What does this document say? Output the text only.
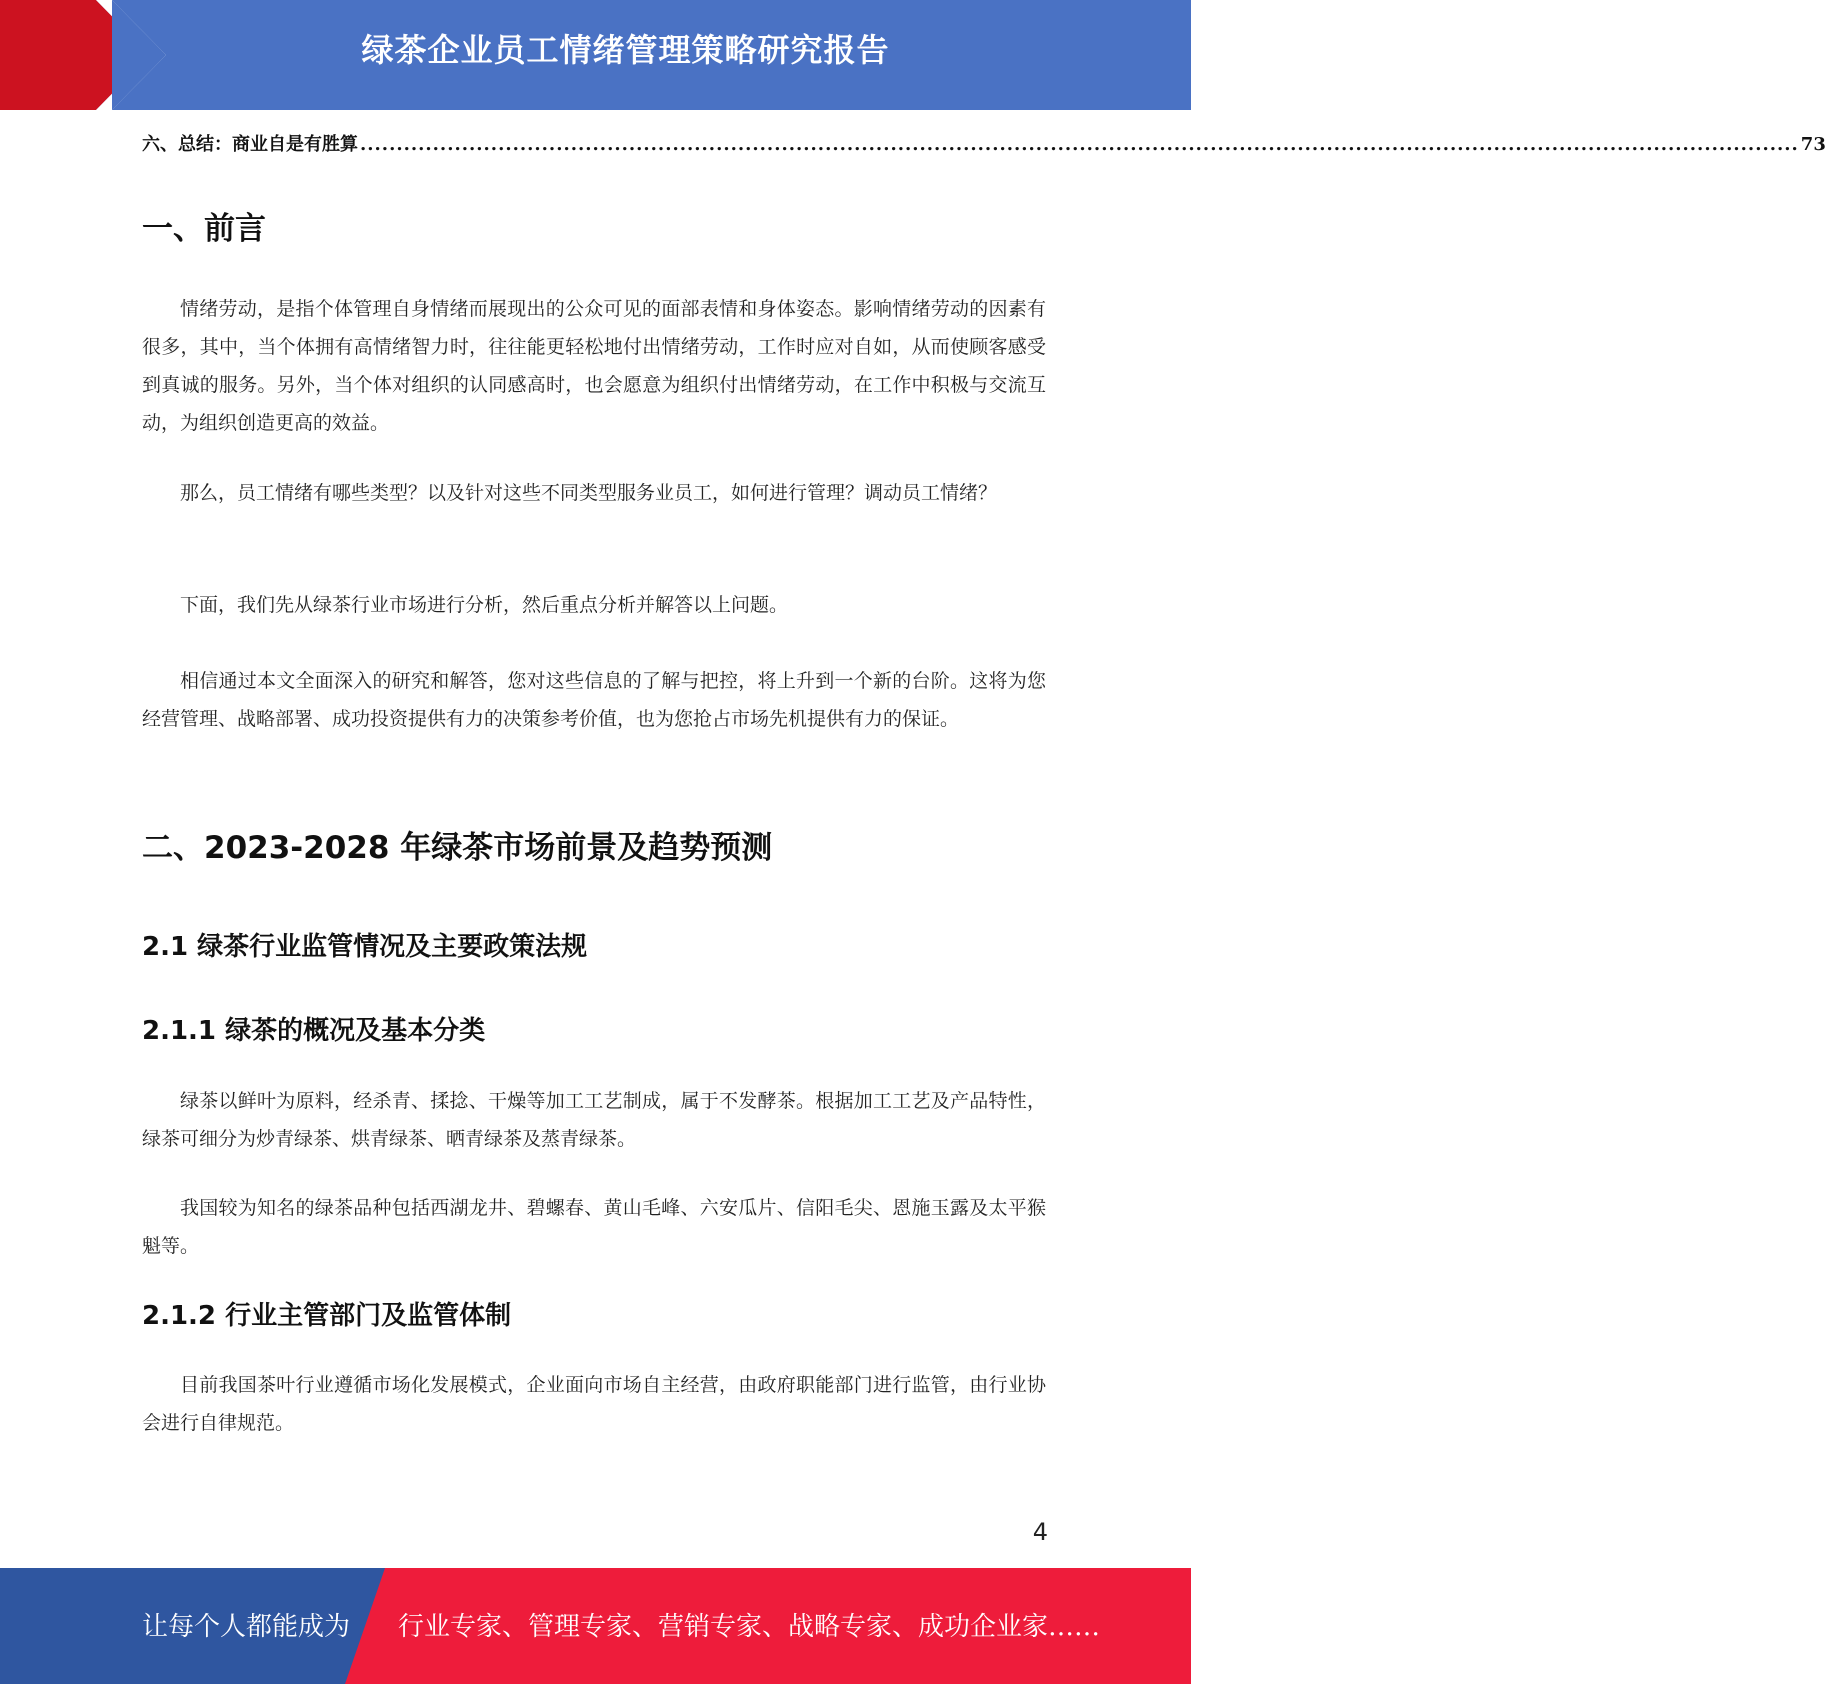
绿茶企业员工情绪管理策略研究报告
六、总结：商业自是有胜算 ...................................................................................................................................................................................................... 73
一、前言

情绪劳动，是指个体管理自身情绪而展现出的公众可见的面部表情和身体姿态。影响情绪劳动的因素有很多，其中，当个体拥有高情绪智力时，往往能更轻松地付出情绪劳动，工作时应对自如，从而使顾客感受到真诚的服务。另外，当个体对组织的认同感高时，也会愿意为组织付出情绪劳动，在工作中积极与交流互动，为组织创造更高的效益。

那么，员工情绪有哪些类型？以及针对这些不同类型服务业员工，如何进行管理？调动员工情绪？

下面，我们先从绿茶行业市场进行分析，然后重点分析并解答以上问题。

相信通过本文全面深入的研究和解答，您对这些信息的了解与把控，将上升到一个新的台阶。这将为您经营管理、战略部署、成功投资提供有力的决策参考价值，也为您抢占市场先机提供有力的保证。

二、2023-2028 年绿茶市场前景及趋势预测
2.1 绿茶行业监管情况及主要政策法规
2.1.1 绿茶的概况及基本分类

绿茶以鲜叶为原料，经杀青、揉捻、干燥等加工工艺制成，属于不发酵茶。根据加工工艺及产品特性，绿茶可细分为炒青绿茶、烘青绿茶、晒青绿茶及蒸青绿茶。

我国较为知名的绿茶品种包括西湖龙井、碧螺春、黄山毛峰、六安瓜片、信阳毛尖、恩施玉露及太平猴魁等。

2.1.2 行业主管部门及监管体制

目前我国茶叶行业遵循市场化发展模式，企业面向市场自主经营，由政府职能部门进行监管，由行业协会进行自律规范。

4
让每个人都能成为 行业专家、管理专家、营销专家、战略专家、成功企业家……
